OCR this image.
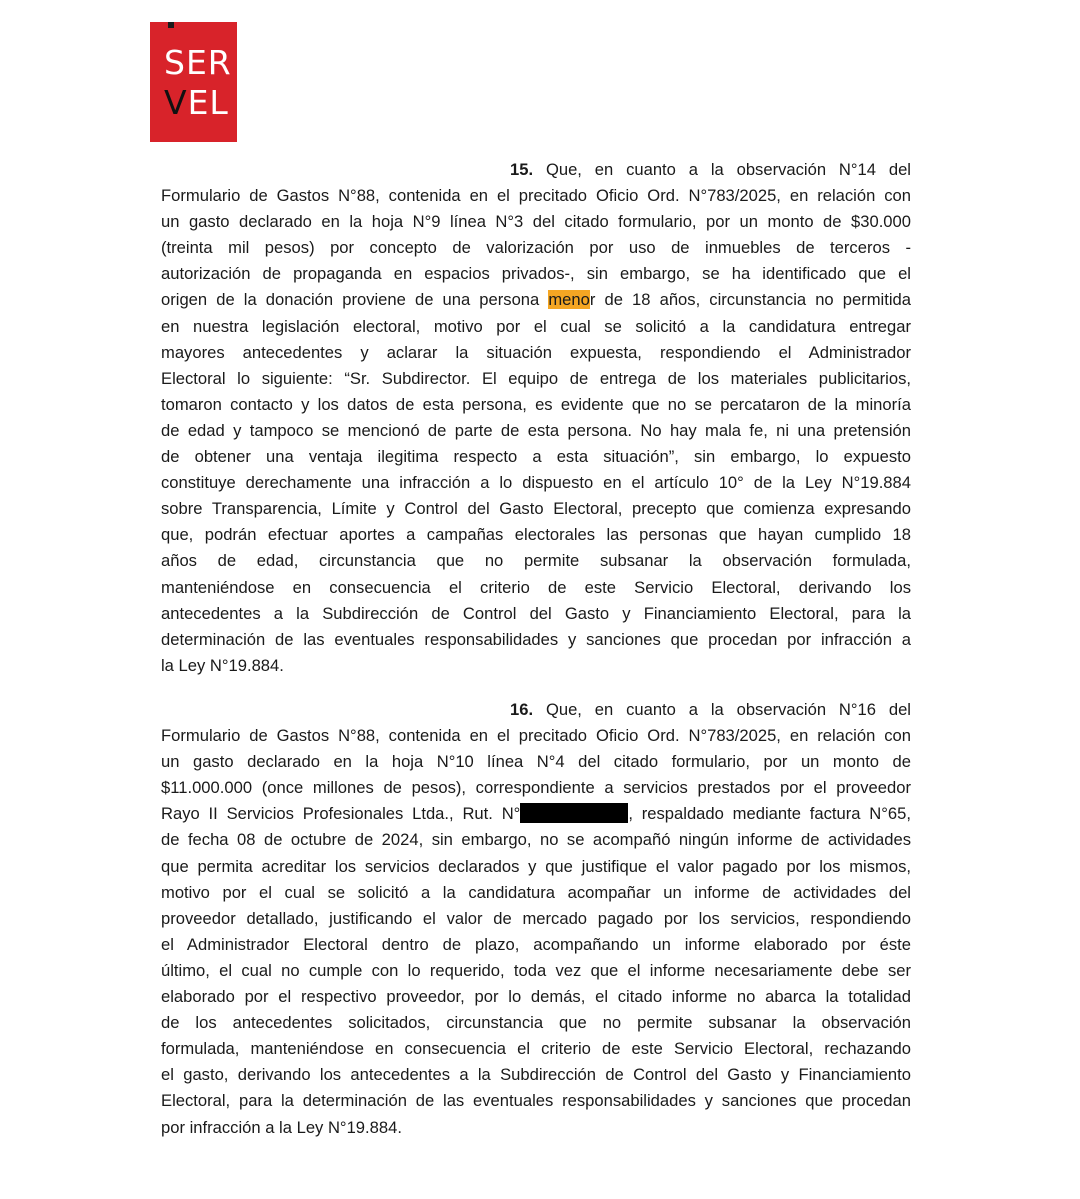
SER
VEL
15. Que, en cuanto a la observación N°14 del
Formulario de Gastos N°88, contenida en el precitado Oficio Ord. N°783/2025, en relación con
un gasto declarado en la hoja N°9 línea N°3 del citado formulario, por un monto de $30.000
(treinta mil pesos) por concepto de valorización por uso de inmuebles de terceros -
autorización de propaganda en espacios privados-, sin embargo, se ha identificado que el
origen de la donación proviene de una persona menor de 18 años, circunstancia no permitida
en nuestra legislación electoral, motivo por el cual se solicitó a la candidatura entregar
mayores antecedentes y aclarar la situación expuesta, respondiendo el Administrador
Electoral lo siguiente: “Sr. Subdirector. El equipo de entrega de los materiales publicitarios,
tomaron contacto y los datos de esta persona, es evidente que no se percataron de la minoría
de edad y tampoco se mencionó de parte de esta persona. No hay mala fe, ni una pretensión
de obtener una ventaja ilegitima respecto a esta situación”, sin embargo, lo expuesto
constituye derechamente una infracción a lo dispuesto en el artículo 10° de la Ley N°19.884
sobre Transparencia, Límite y Control del Gasto Electoral, precepto que comienza expresando
que, podrán efectuar aportes a campañas electorales las personas que hayan cumplido 18
años de edad, circunstancia que no permite subsanar la observación formulada,
manteniéndose en consecuencia el criterio de este Servicio Electoral, derivando los
antecedentes a la Subdirección de Control del Gasto y Financiamiento Electoral, para la
determinación de las eventuales responsabilidades y sanciones que procedan por infracción a
la Ley N°19.884.
16. Que, en cuanto a la observación N°16 del
Formulario de Gastos N°88, contenida en el precitado Oficio Ord. N°783/2025, en relación con
un gasto declarado en la hoja N°10 línea N°4 del citado formulario, por un monto de
$11.000.000 (once millones de pesos), correspondiente a servicios prestados por el proveedor
Rayo II Servicios Profesionales Ltda., Rut. N°	, respaldado mediante factura N°65,
de fecha 08 de octubre de 2024, sin embargo, no se acompañó ningún informe de actividades
que permita acreditar los servicios declarados y que justifique el valor pagado por los mismos,
motivo por el cual se solicitó a la candidatura acompañar un informe de actividades del
proveedor detallado, justificando el valor de mercado pagado por los servicios, respondiendo
el Administrador Electoral dentro de plazo, acompañando un informe elaborado por éste
último, el cual no cumple con lo requerido, toda vez que el informe necesariamente debe ser
elaborado por el respectivo proveedor, por lo demás, el citado informe no abarca la totalidad
de los antecedentes solicitados, circunstancia que no permite subsanar la observación
formulada, manteniéndose en consecuencia el criterio de este Servicio Electoral, rechazando
el gasto, derivando los antecedentes a la Subdirección de Control del Gasto y Financiamiento
Electoral, para la determinación de las eventuales responsabilidades y sanciones que procedan
por infracción a la Ley N°19.884.
